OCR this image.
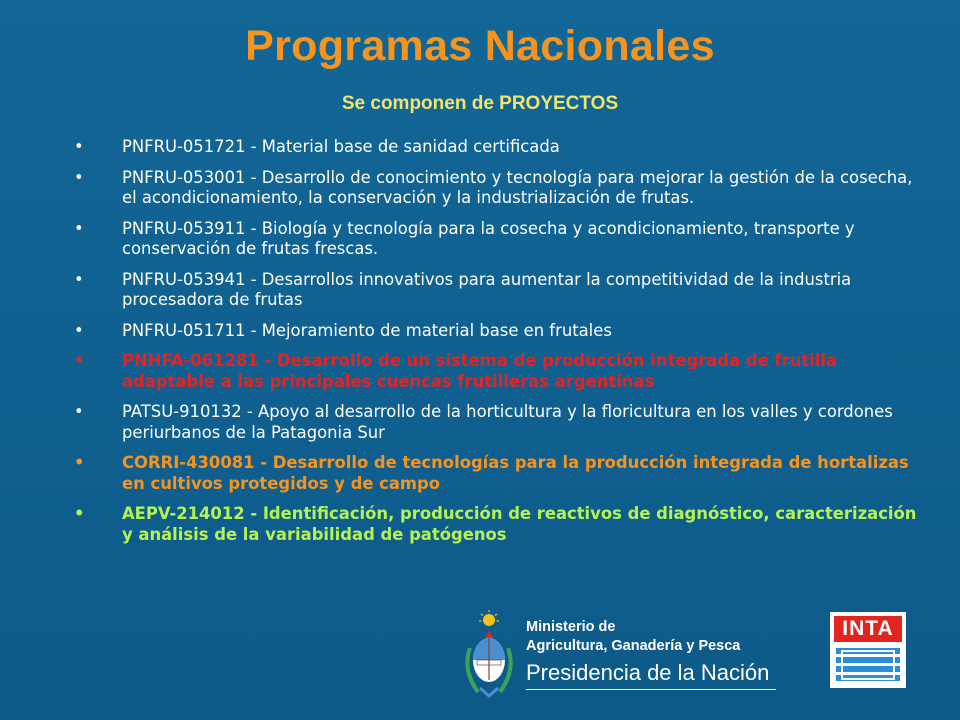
Programas Nacionales
Se componen de PROYECTOS
•	PNFRU-051721 - Material base de sanidad certificada
•	PNFRU-053001 - Desarrollo de conocimiento y tecnología para mejorar la gestión de la cosecha, el acondicionamiento, la conservación y la industrialización de frutas.
•	PNFRU-053911 - Biología y tecnología para la cosecha y acondicionamiento, transporte y conservación de frutas frescas.
•	PNFRU-053941 - Desarrollos innovativos para aumentar la competitividad de la industria procesadora de frutas
•	PNFRU-051711 - Mejoramiento de material base en frutales
•	PNHFA-061281 - Desarrollo de un sistema de producción integrada de frutilla adaptable a las principales cuencas frutilleras argentinas
•	PATSU-910132 - Apoyo al desarrollo de la horticultura y la floricultura en los valles y cordones periurbanos de la Patagonia Sur
•	CORRI-430081 - Desarrollo de tecnologías para la producción integrada de hortalizas en cultivos protegidos y de campo
•	AEPV-214012 - Identificación, producción de reactivos de diagnóstico, caracterización y análisis de la variabilidad de patógenos
Ministerio de
Agricultura, Ganadería y Pesca
Presidencia de la Nación
INTA
